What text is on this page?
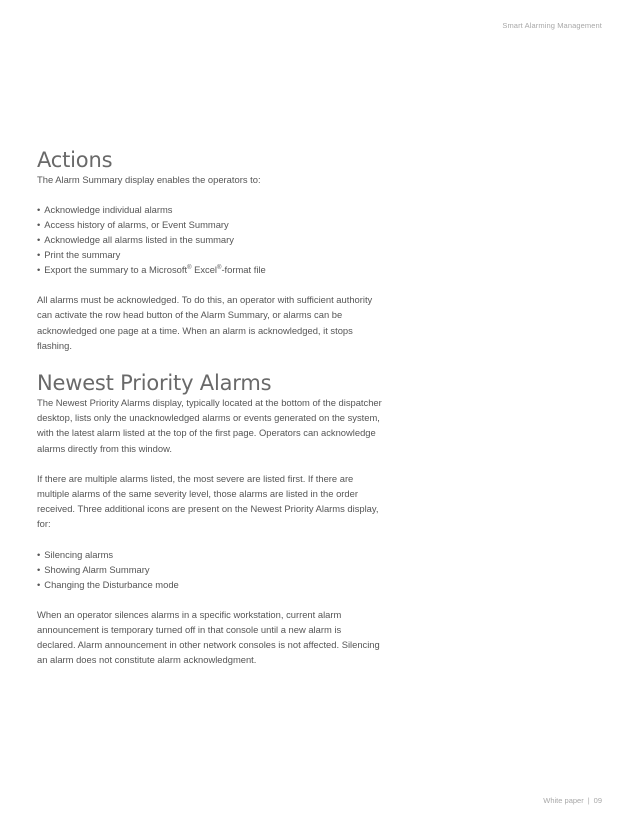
Smart Alarming Management
Actions

The Alarm Summary display enables the operators to:

• Acknowledge individual alarms
• Access history of alarms, or Event Summary
• Acknowledge all alarms listed in the summary
• Print the summary
• Export the summary to a Microsoft® Excel®-format file

All alarms must be acknowledged. To do this, an operator with sufficient authority can activate the row head button of the Alarm Summary, or alarms can be acknowledged one page at a time. When an alarm is acknowledged, it stops flashing.

Newest Priority Alarms

The Newest Priority Alarms display, typically located at the bottom of the dispatcher desktop, lists only the unacknowledged alarms or events generated on the system, with the latest alarm listed at the top of the first page. Operators can acknowledge alarms directly from this window.

If there are multiple alarms listed, the most severe are listed first. If there are multiple alarms of the same severity level, those alarms are listed in the order received. Three additional icons are present on the Newest Priority Alarms display, for:

• Silencing alarms
• Showing Alarm Summary
• Changing the Disturbance mode

When an operator silences alarms in a specific workstation, current alarm announcement is temporary turned off in that console until a new alarm is declared. Alarm announcement in other network consoles is not affected. Silencing an alarm does not constitute alarm acknowledgment.

White paper | 09
